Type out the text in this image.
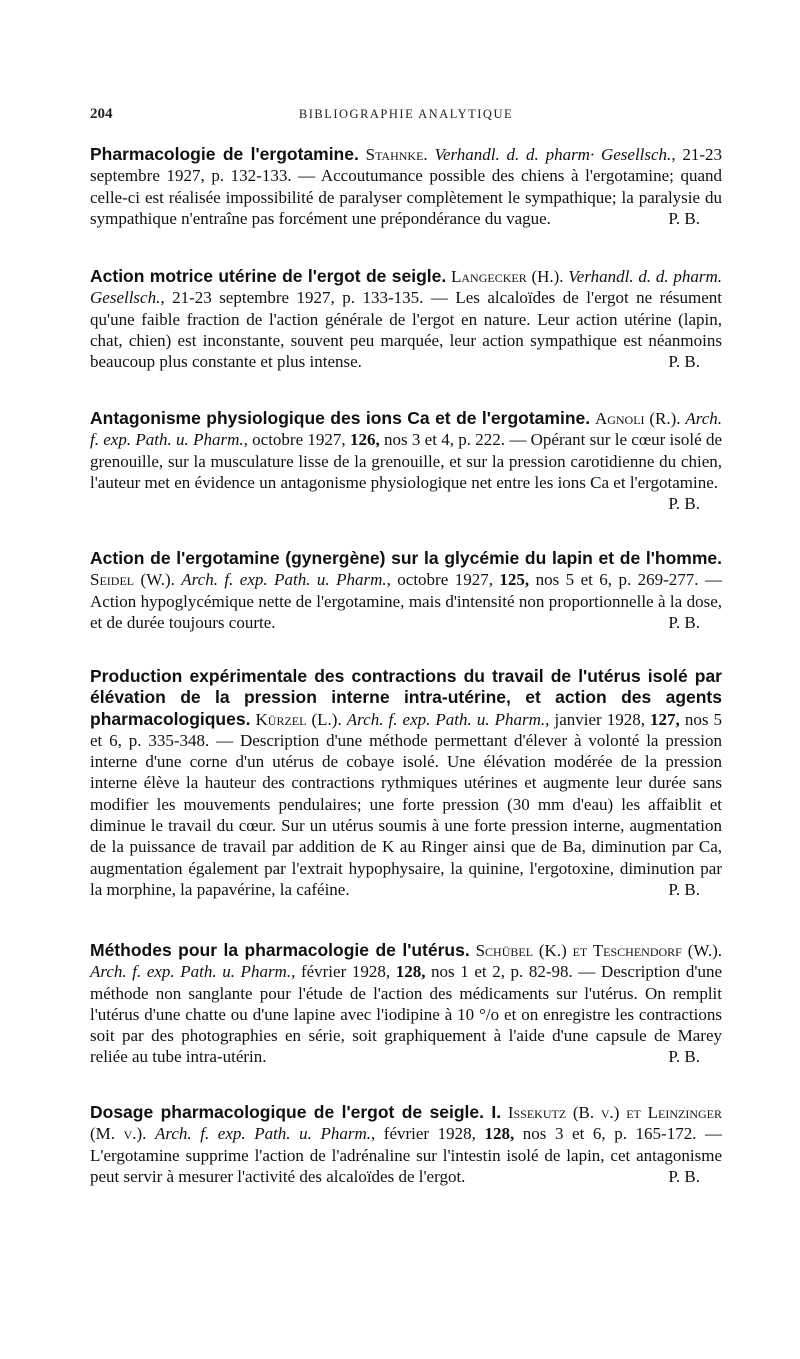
204	BIBLIOGRAPHIE ANALYTIQUE
Pharmacologie de l'ergotamine. Stahnke. Verhandl. d. d. pharm· Gesellsch., 21-23 septembre 1927, p. 132-133. — Accoutumance possible des chiens à l'ergotamine; quand celle-ci est réalisée impossibilité de paralyser complètement le sympathique; la paralysie du sympathique n'entraîne pas forcément une prépondérance du vague.	P. B.
Action motrice utérine de l'ergot de seigle. Langecker (H.). Verhandl. d. d. pharm. Gesellsch., 21-23 septembre 1927, p. 133-135. — Les alcaloïdes de l'ergot ne résument qu'une faible fraction de l'action générale de l'ergot en nature. Leur action utérine (lapin, chat, chien) est inconstante, souvent peu marquée, leur action sympathique est néanmoins beaucoup plus constante et plus intense.	P. B.
Antagonisme physiologique des ions Ca et de l'ergotamine. Agnoli (R.). Arch. f. exp. Path. u. Pharm., octobre 1927, 126, nos 3 et 4, p. 222. — Opérant sur le cœur isolé de grenouille, sur la musculature lisse de la grenouille, et sur la pression carotidienne du chien, l'auteur met en évidence un antagonisme physiologique net entre les ions Ca et l'ergotamine.
P. B.
Action de l'ergotamine (gynergène) sur la glycémie du lapin et de l'homme. Seidel (W.). Arch. f. exp. Path. u. Pharm., octobre 1927, 125, nos 5 et 6, p. 269-277. — Action hypoglycémique nette de l'ergotamine, mais d'intensité non proportionnelle à la dose, et de durée toujours courte.	P. B.
Production expérimentale des contractions du travail de l'utérus isolé par élévation de la pression interne intra-utérine, et action des agents pharmacologiques. Kürzel (L.). Arch. f. exp. Path. u. Pharm., janvier 1928, 127, nos 5 et 6, p. 335-348. — Description d'une méthode permettant d'élever à volonté la pression interne d'une corne d'un utérus de cobaye isolé. Une élévation modérée de la pression interne élève la hauteur des contractions rythmiques utérines et augmente leur durée sans modifier les mouvements pendulaires; une forte pression (30 mm d'eau) les affaiblit et diminue le travail du cœur. Sur un utérus soumis à une forte pression interne, augmentation de la puissance de travail par addition de K au Ringer ainsi que de Ba, diminution par Ca, augmentation également par l'extrait hypophysaire, la quinine, l'ergotoxine, diminution par la morphine, la papavérine, la caféine.	P. B.
Méthodes pour la pharmacologie de l'utérus. Schübel (K.) et Teschendorf (W.). Arch. f. exp. Path. u. Pharm., février 1928, 128, nos 1 et 2, p. 82-98. — Description d'une méthode non sanglante pour l'étude de l'action des médicaments sur l'utérus. On remplit l'utérus d'une chatte ou d'une lapine avec l'iodipine à 10 °/o et on enregistre les contractions soit par des photographies en série, soit graphiquement à l'aide d'une capsule de Marey reliée au tube intra-utérin.	P. B.
Dosage pharmacologique de l'ergot de seigle. I. Issekutz (B. v.) et Leinzinger (M. v.). Arch. f. exp. Path. u. Pharm., février 1928, 128, nos 3 et 6, p. 165-172. — L'ergotamine supprime l'action de l'adrénaline sur l'intestin isolé de lapin, cet antagonisme peut servir à mesurer l'activité des alcaloïdes de l'ergot.	P. B.
